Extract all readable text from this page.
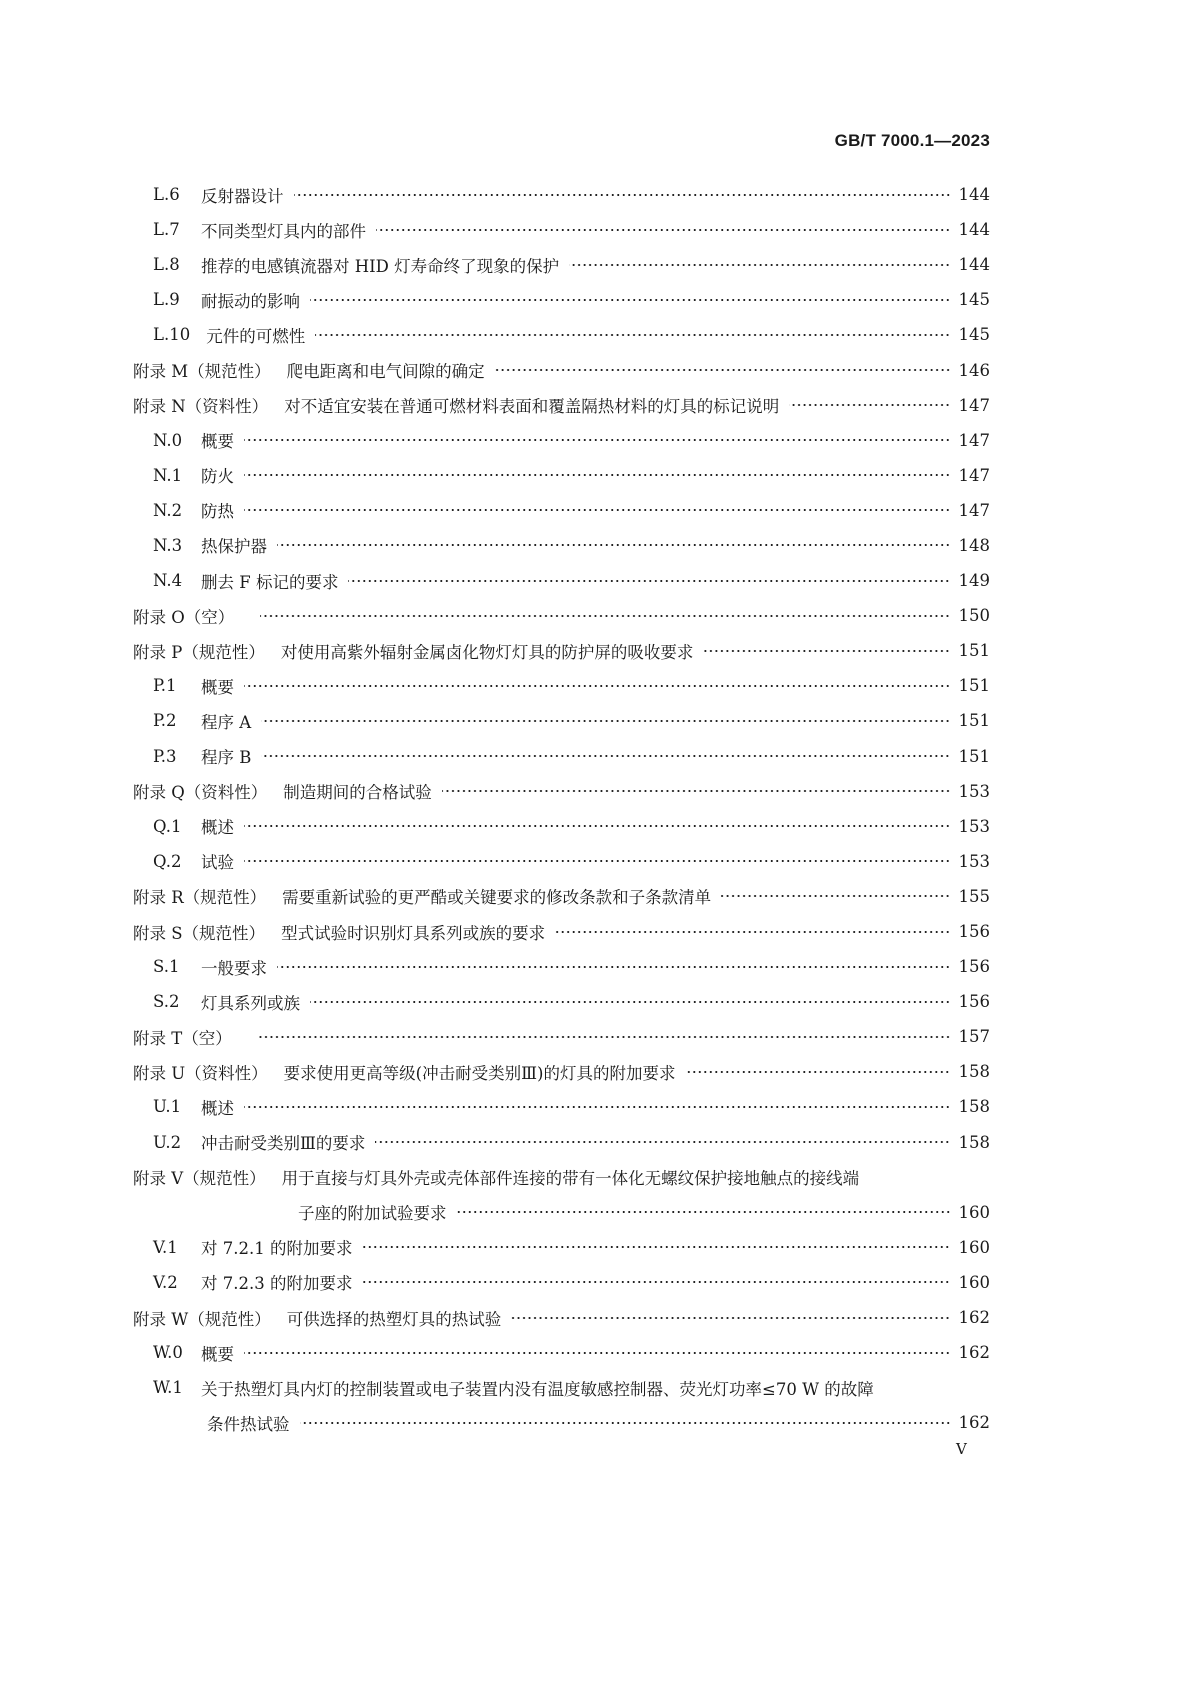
GB/T 7000.1—2023
L.6	反射器设计	144
L.7	不同类型灯具内的部件	144
L.8	推荐的电感镇流器对 HID 灯寿命终了现象的保护	144
L.9	耐振动的影响	145
L.10 元件的可燃性	145
附录 M（规范性） 爬电距离和电气间隙的确定	146
附录 N（资料性） 对不适宜安装在普通可燃材料表面和覆盖隔热材料的灯具的标记说明	147
N.0 概要	147
N.1 防火	147
N.2 防热	147
N.3 热保护器	148
N.4 删去 F 标记的要求	149
附录 O（空）	150
附录 P（规范性） 对使用高紫外辐射金属卤化物灯灯具的防护屏的吸收要求	151
P.1	概要	151
P.2	程序 A	151
P.3	程序 B	151
附录 Q（资料性） 制造期间的合格试验	153
Q.1 概述	153
Q.2 试验	153
附录 R（规范性） 需要重新试验的更严酷或关键要求的修改条款和子条款清单	155
附录 S（规范性） 型式试验时识别灯具系列或族的要求	156
S.1	一般要求	156
S.2	灯具系列或族	156
附录 T（空）	157
附录 U（资料性） 要求使用更高等级(冲击耐受类别Ⅲ)的灯具的附加要求	158
U.1 概述	158
U.2 冲击耐受类别Ⅲ的要求	158
附录 V（规范性） 用于直接与灯具外壳或壳体部件连接的带有一体化无螺纹保护接地触点的接线端
子座的附加试验要求	160
V.1	对 7.2.1 的附加要求	160
V.2	对 7.2.3 的附加要求	160
附录 W（规范性） 可供选择的热塑灯具的热试验	162
W.0 概要	162
W.1 关于热塑灯具内灯的控制装置或电子装置内没有温度敏感控制器、荧光灯功率≤70 W 的故障
条件热试验	162
V
